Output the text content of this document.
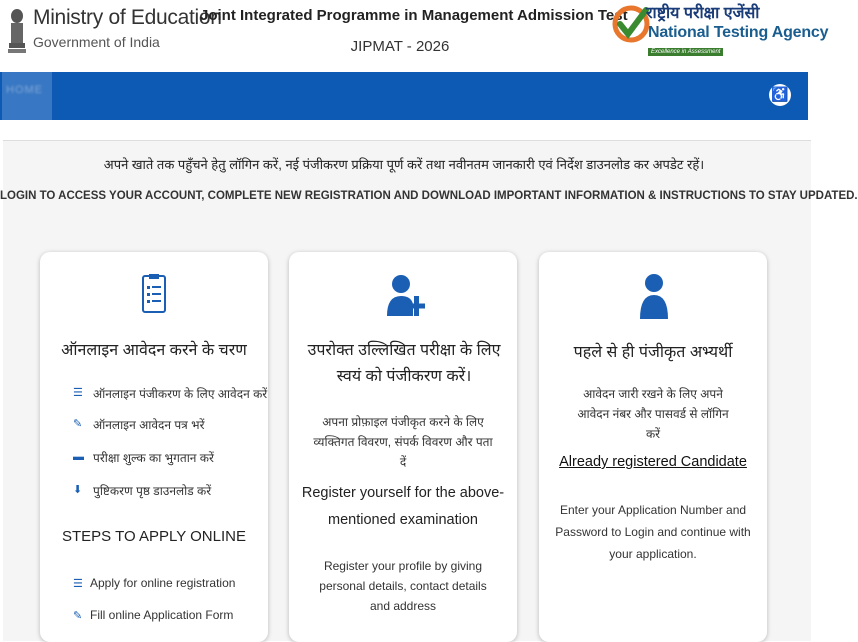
Ministry of Education
Government of India
Joint Integrated Programme in Management Admission Test
JIPMAT - 2026
राष्ट्रीय परीक्षा एजेंसी
National Testing Agency
Excellence in Assessment
HOME	♿
अपने खाते तक पहुँचने हेतु लॉगिन करें, नई पंजीकरण प्रक्रिया पूर्ण करें तथा नवीनतम जानकारी एवं निर्देश डाउनलोड कर अपडेट रहें।
LOGIN TO ACCESS YOUR ACCOUNT, COMPLETE NEW REGISTRATION AND DOWNLOAD IMPORTANT INFORMATION & INSTRUCTIONS TO STAY UPDATED.
ऑनलाइन आवेदन करने के चरण
☰ ऑनलाइन पंजीकरण के लिए आवेदन करें
✎ ऑनलाइन आवेदन पत्र भरें
▬ परीक्षा शुल्क का भुगतान करें
⬇ पुष्टिकरण पृष्ठ डाउनलोड करें
STEPS TO APPLY ONLINE
☰ Apply for online registration
✎ Fill online Application Form
उपरोक्त उल्लिखित परीक्षा के लिए स्वयं को पंजीकरण करें।
अपना प्रोफ़ाइल पंजीकृत करने के लिए व्यक्तिगत विवरण, संपर्क विवरण और पता दें
Register yourself for the above-mentioned examination
Register your profile by giving personal details, contact details and address
पहले से ही पंजीकृत अभ्यर्थी
आवेदन जारी रखने के लिए अपने आवेदन नंबर और पासवर्ड से लॉगिन करें
Already registered Candidate
Enter your Application Number and Password to Login and continue with your application.
